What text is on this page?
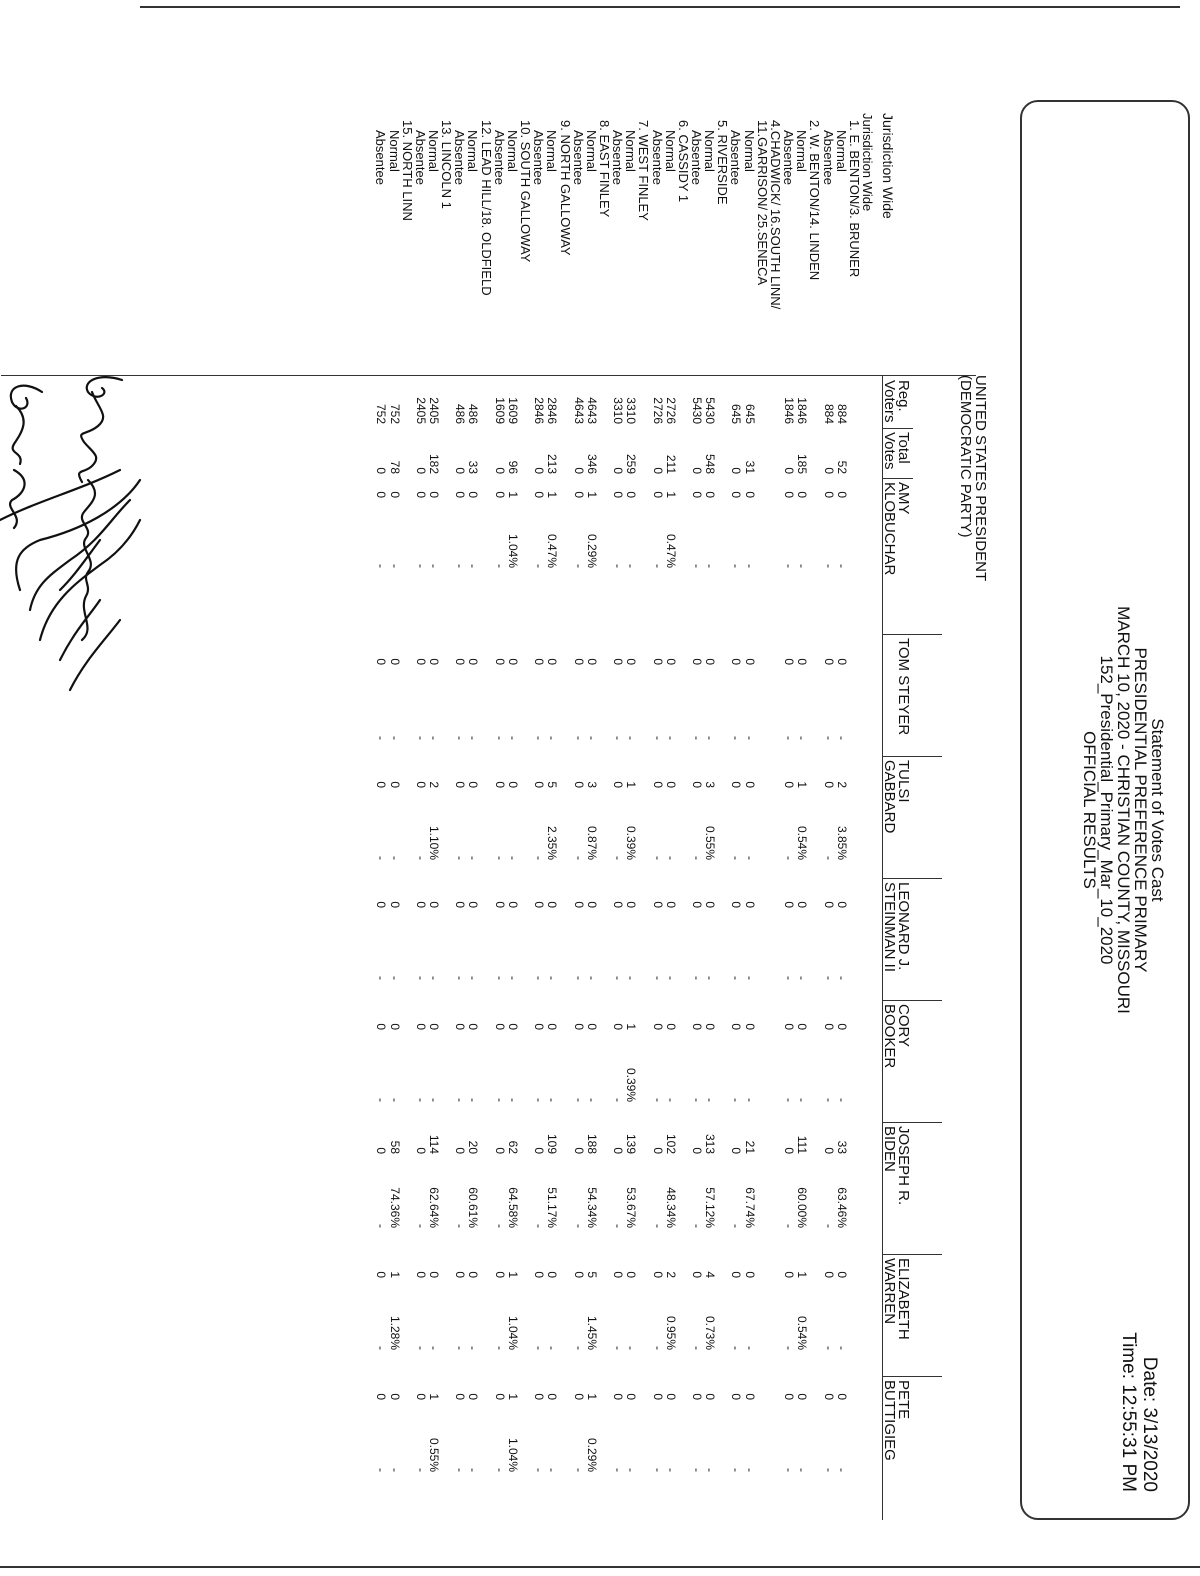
Statement of Votes Cast
PRESIDENTIAL PREFERENCE PRIMARY
MARCH 10, 2020 - CHRISTIAN COUNTY, MISSOURI
152_Presidential_Primary_Mar_10_2020
OFFICIAL RESULTS
Date: 3/13/2020
Time: 12:55:31 PM
UNITED STATES PRESIDENT
(DEMOCRATIC PARTY)
Jurisdiction Wide
Reg.
Voters
Total
Votes
AMY
KLOBUCHAR
TOM STEYER
TULSI
GABBARD
LEONARD J.
STEINMAN II
CORY
BOOKER
JOSEPH R.
BIDEN
ELIZABETH
WARREN
PETE
BUTTIGIEG
Jurisdiction Wide
1. E. BENTON/3. BRUNER
Normal
884
52
0
-
0
-
2
3.85%
0
-
0
-
33
63.46%
0
-
0
-
Absentee
884
0
0
-
0
-
0
-
0
-
0
-
0
-
0
-
0
-
2. W. BENTON/14. LINDEN
Normal
1846
185
0
-
0
-
1
0.54%
0
-
0
-
111
60.00%
1
0.54%
0
-
Absentee
1846
0
0
-
0
-
0
-
0
-
0
-
0
-
0
-
0
-
4.CHADWICK/ 16.SOUTH LINN/
11.GARRISON/ 25.SENECA
Normal
645
31
0
-
0
-
0
-
0
-
0
-
21
67.74%
0
-
0
-
Absentee
645
0
0
-
0
-
0
-
0
-
0
-
0
-
0
-
0
-
5. RIVERSIDE
Normal
5430
548
0
-
0
-
3
0.55%
0
-
0
-
313
57.12%
4
0.73%
0
-
Absentee
5430
0
0
-
0
-
0
-
0
-
0
-
0
-
0
-
0
-
6. CASSIDY 1
Normal
2726
211
1
0.47%
0
-
0
-
0
-
0
-
102
48.34%
2
0.95%
0
-
Absentee
2726
0
0
-
0
-
0
-
0
-
0
-
0
-
0
-
0
-
7. WEST FINLEY
Normal
3310
259
0
-
0
-
1
0.39%
0
-
1
0.39%
139
53.67%
0
-
0
-
Absentee
3310
0
0
-
0
-
0
-
0
-
0
-
0
-
0
-
0
-
8. EAST FINLEY
Normal
4643
346
1
0.29%
0
-
3
0.87%
0
-
0
-
188
54.34%
5
1.45%
1
0.29%
Absentee
4643
0
0
-
0
-
0
-
0
-
0
-
0
-
0
-
0
-
9. NORTH GALLOWAY
Normal
2846
213
1
0.47%
0
-
5
2.35%
0
-
0
-
109
51.17%
0
-
0
-
Absentee
2846
0
0
-
0
-
0
-
0
-
0
-
0
-
0
-
0
-
10. SOUTH GALLOWAY
Normal
1609
96
1
1.04%
0
-
0
-
0
-
0
-
62
64.58%
1
1.04%
1
1.04%
Absentee
1609
0
0
-
0
-
0
-
0
-
0
-
0
-
0
-
0
-
12. LEAD HILL/18. OLDFIELD
Normal
486
33
0
-
0
-
0
-
0
-
0
-
20
60.61%
0
-
0
-
Absentee
486
0
0
-
0
-
0
-
0
-
0
-
0
-
0
-
0
-
13. LINCOLN 1
Normal
2405
182
0
-
0
-
2
1.10%
0
-
0
-
114
62.64%
0
-
1
0.55%
Absentee
2405
0
0
-
0
-
0
-
0
-
0
-
0
-
0
-
0
-
15. NORTH LINN
Normal
752
78
0
-
0
-
0
-
0
-
0
-
58
74.36%
1
1.28%
0
-
Absentee
752
0
0
-
0
-
0
-
0
-
0
-
0
-
0
-
0
-
